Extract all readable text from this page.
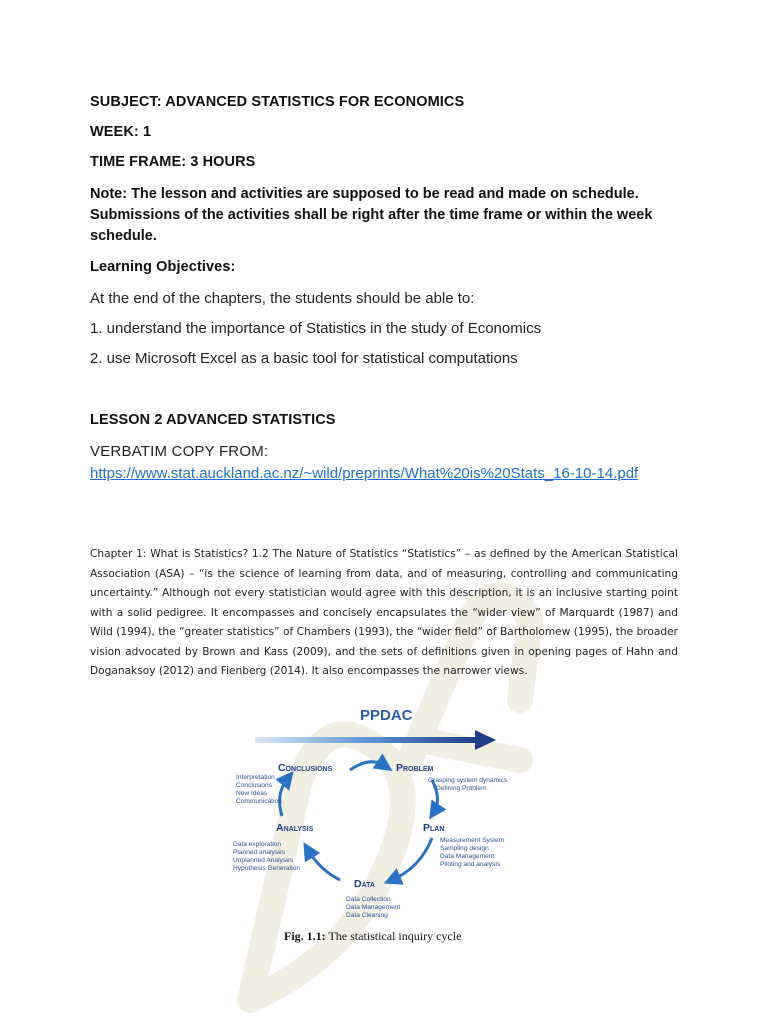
SUBJECT: ADVANCED STATISTICS FOR ECONOMICS
WEEK: 1
TIME FRAME: 3 HOURS
Note: The lesson and activities are supposed to be read and made on schedule. Submissions of the activities shall be right after the time frame or within the week schedule.
Learning Objectives:
At the end of the chapters, the students should be able to:
1. understand the importance of Statistics in the study of Economics
2. use Microsoft Excel as a basic tool for statistical computations
LESSON 2 ADVANCED STATISTICS
VERBATIM COPY FROM:
https://www.stat.auckland.ac.nz/~wild/preprints/What%20is%20Stats_16-10-14.pdf
Chapter 1: What is Statistics? 1.2 The Nature of Statistics “Statistics” – as defined by the American Statistical Association (ASA) – “is the science of learning from data, and of measuring, controlling and communicating uncertainty.” Although not every statistician would agree with this description, it is an inclusive starting point with a solid pedigree. It encompasses and concisely encapsulates the “wider view” of Marquardt (1987) and Wild (1994), the “greater statistics” of Chambers (1993), the “wider field” of Bartholomew (1995), the broader vision advocated by Brown and Kass (2009), and the sets of definitions given in opening pages of Hahn and Doganaksoy (2012) and Fienberg (2014). It also encompasses the narrower views.
PPDAC
Conclusions	Problem
Plan
Data
Analysis
Interpretation
Conclusions
New Ideas
Communication
Grasping system dynamics
Defining Problem
Measurement System
Sampling design
Data Management
Piloting and analysis
Data Collection
Data Management
Data Cleaning
Data exploration
Planned analyses
Unplanned Analyses
Hypothesis Generation
Fig. 1.1: The statistical inquiry cycle
